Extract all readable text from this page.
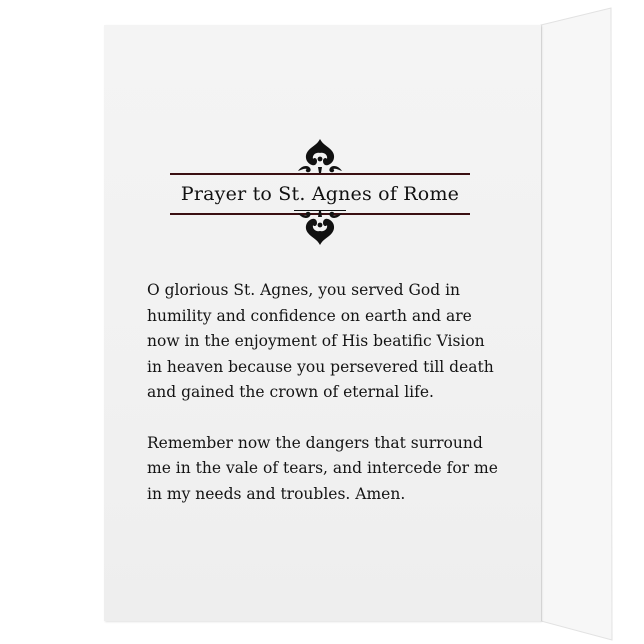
Prayer to St. Agnes of Rome

O glorious St. Agnes, you served God in
humility and confidence on earth and are
now in the enjoyment of His beatific Vision
in heaven because you persevered till death
and gained the crown of eternal life.

Remember now the dangers that surround
me in the vale of tears, and intercede for me
in my needs and troubles. Amen.
